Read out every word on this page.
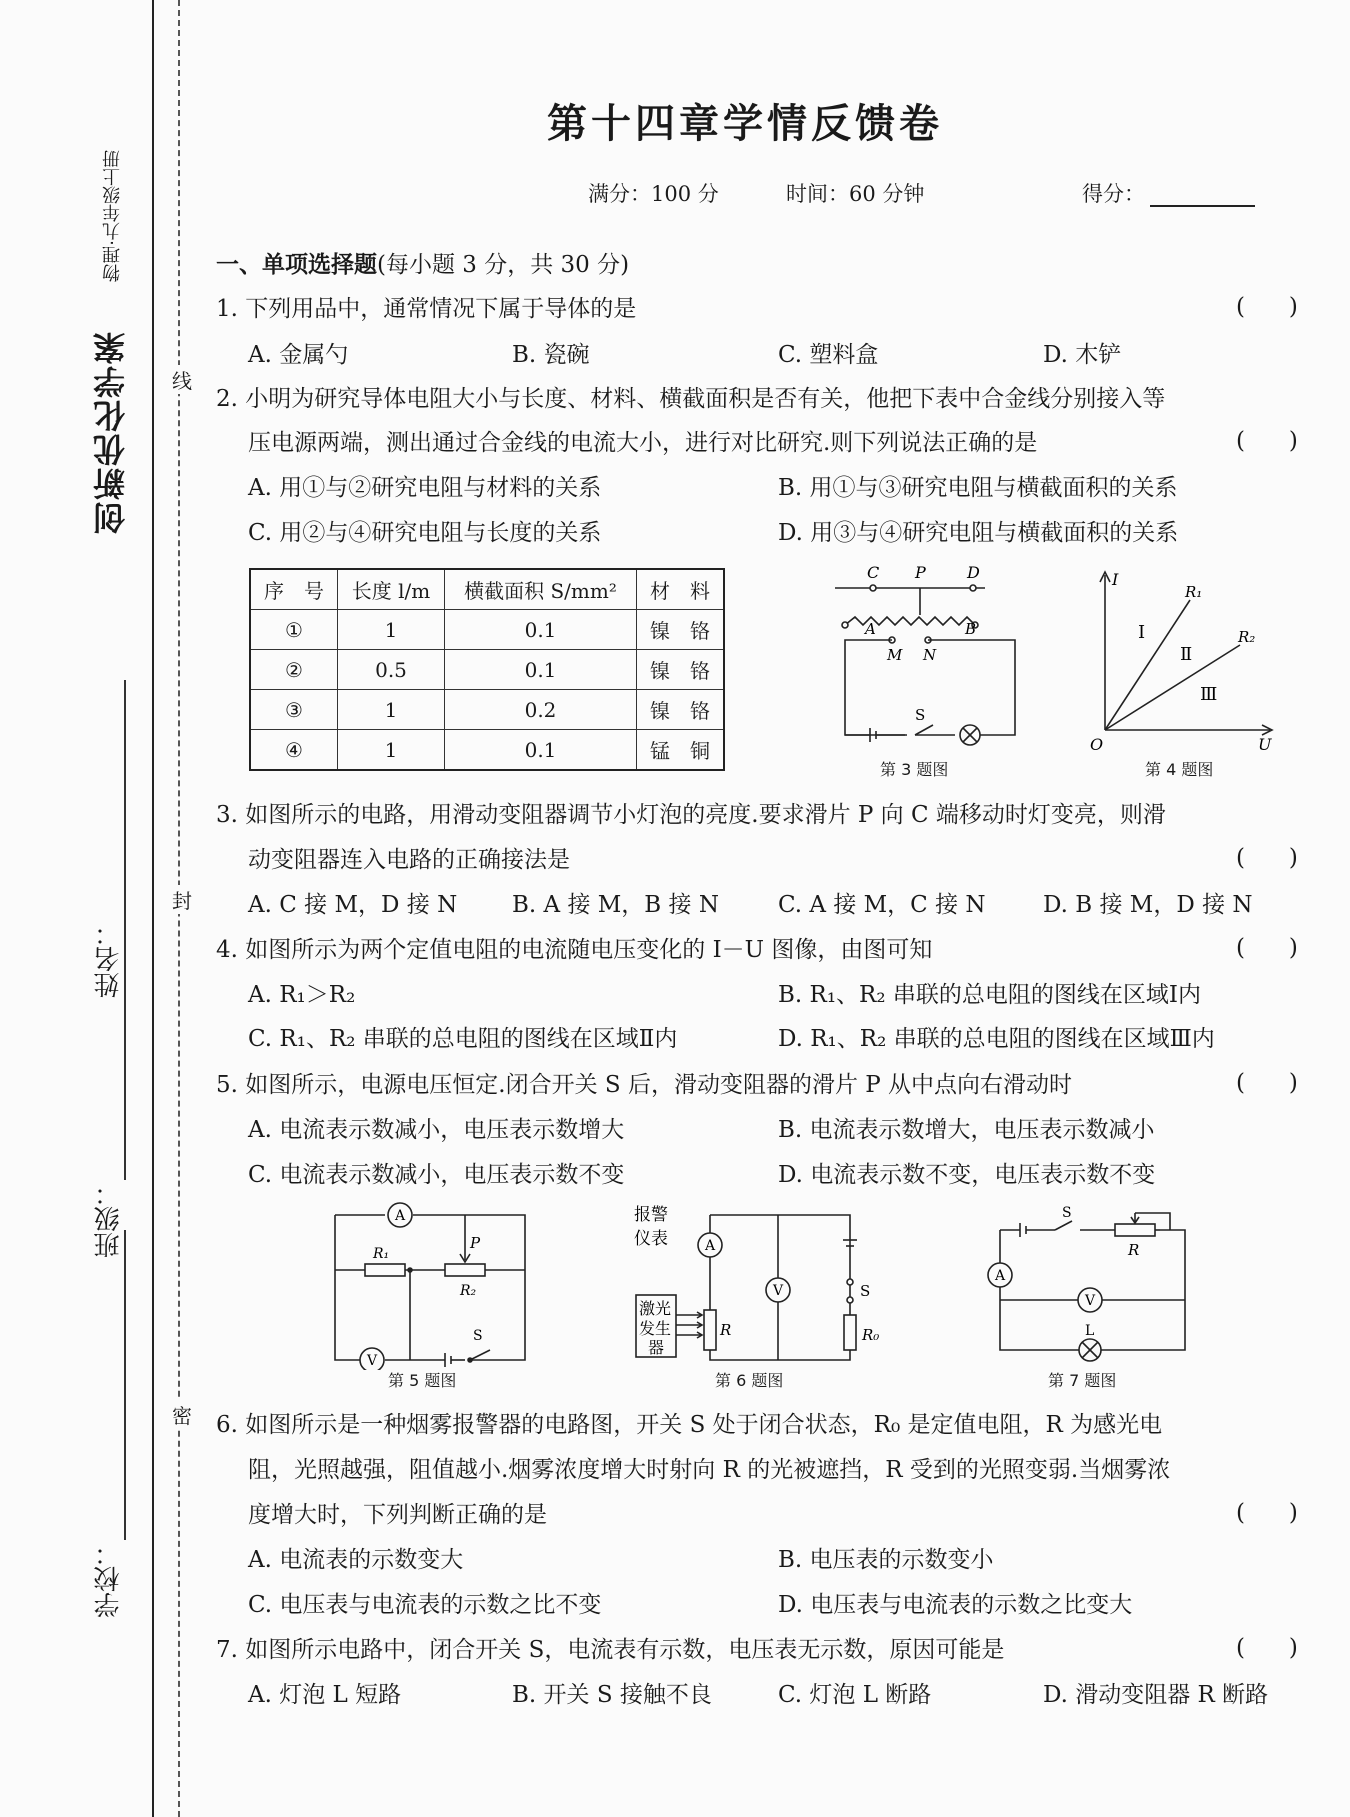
创新优化学案
物理·九年级上册
学校：
班级：
姓名：
线
封
密
第十四章学情反馈卷
满分：100 分	时间：60 分钟	得分：
一、单项选择题(每小题 3 分，共 30 分)
1. 下列用品中，通常情况下属于导体的是	(      )
A. 金属勺	B. 瓷碗	C. 塑料盒	D. 木铲
2. 小明为研究导体电阻大小与长度、材料、横截面积是否有关，他把下表中合金线分别接入等
压电源两端，测出通过合金线的电流大小，进行对比研究.则下列说法正确的是	(      )
A. 用①与②研究电阻与材料的关系	B. 用①与③研究电阻与横截面积的关系
C. 用②与④研究电阻与长度的关系	D. 用③与④研究电阻与横截面积的关系
序　号	长度 l/m	横截面积 S/mm²	材　料
①	1	0.1	镍　铬
②	0.5	0.1	镍　铬
③	1	0.2	镍　铬
④	1	0.1	锰　铜
C P	D
A	B
M N
S
第 3 题图
I
U
O
R₁
R₂
Ⅰ
Ⅱ
Ⅲ
第 4 题图
3. 如图所示的电路，用滑动变阻器调节小灯泡的亮度.要求滑片 P 向 C 端移动时灯变亮，则滑
动变阻器连入电路的正确接法是	(      )
A. C 接 M，D 接 N B. A 接 M，B 接 N	C. A 接 M，C 接 N D. B 接 M，D 接 N
4. 如图所示为两个定值电阻的电流随电压变化的 I－U 图像，由图可知	(      )
A. R₁＞R₂	B. R₁、R₂ 串联的总电阻的图线在区域Ⅰ内
C. R₁、R₂ 串联的总电阻的图线在区域Ⅱ内	D. R₁、R₂ 串联的总电阻的图线在区域Ⅲ内
5. 如图所示，电源电压恒定.闭合开关 S 后，滑动变阻器的滑片 P 从中点向右滑动时	(      )
A. 电流表示数减小，电压表示数增大	B. 电流表示数增大，电压表示数减小
C. 电流表示数减小，电压表示数不变	D. 电流表示数不变，电压表示数不变
A
V
R₁
R₂
P
S
第 5 题图
报警
仪表
激光
发生
器
A
V
R	R₀
S
第 6 题图
S
R
A
V
L
第 7 题图
6. 如图所示是一种烟雾报警器的电路图，开关 S 处于闭合状态，R₀ 是定值电阻，R 为感光电
阻，光照越强，阻值越小.烟雾浓度增大时射向 R 的光被遮挡，R 受到的光照变弱.当烟雾浓
度增大时，下列判断正确的是	(      )
A. 电流表的示数变大	B. 电压表的示数变小
C. 电压表与电流表的示数之比不变	D. 电压表与电流表的示数之比变大
7. 如图所示电路中，闭合开关 S，电流表有示数，电压表无示数，原因可能是	(      )
A. 灯泡 L 短路	B. 开关 S 接触不良	C. 灯泡 L 断路	D. 滑动变阻器 R 断路
